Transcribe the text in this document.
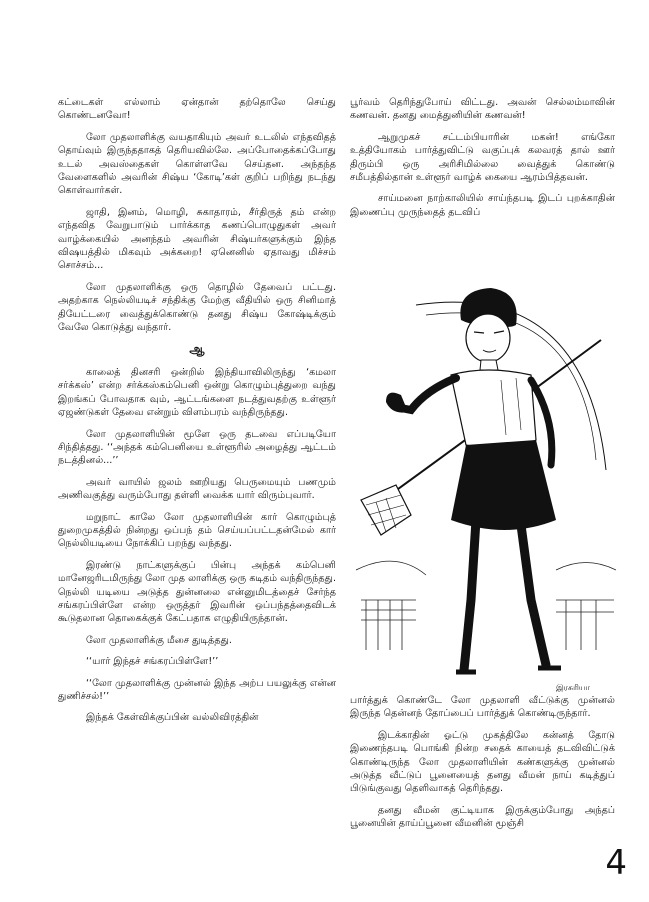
கட்டைகள் எல்லாம் ஏன்தான் தற்தொலே செய்து கொண்டனவோ!

லோ முதலாளிக்கு வயதாகியும் அவர் உடலில் எந்தவிதத் தொய்வும் இருந்ததாகத் தெரியவில்லே. அப்போதைக்கப்போது உடல் அவஸ்தைகள் கொள்ளவே செய்தன. அந்தந்த வேளைகளில் அவரின் சிஷ்ய ‘கோடி’கள் குறிப் பறிந்து நடந்து கொள்வார்கள்.

ஜாதி, இனம், மொழி, சுகாதாரம், சீர்திருத் தம் என்ற எந்தவித வேறுபாடும் பார்க்காத கணப்பொழுதுகள் அவர் வாழ்க்கையில் அனந்தம் அவரின் சிஷ்யர்களுக்கும் இந்த விஷயத்தில் மிகவும் அக்கறை! ஏனெனில் ஏதாவது மிச்சம் சொச்சம்...

லோ முதலாளிக்கு ஒரு தொழில் தேவைப் பட்டது. அதற்காக நெல்லியடிச் சந்திக்கு மேற்கு வீதியில் ஒரு சினிமாத் தியேட்டரை வைத்துக்கொண்டு தனது சிஷ்ய கோஷ்டிக்கும் வேலே கொடுத்து வந்தார்.

ஆ

காலைத் தினசரி ஒன்றில் இந்தியாவிலிருந்து ‘கமலா சர்க்கஸ்’ என்ற சர்க்கஸ்கம்பெனி ஒன்று கொழும்புத்துறை வந்து இறங்கப் போவதாக வும், ஆட்டங்களை நடத்துவதற்கு உள்ளூர் ஏஜண்டுகள் தேவை என்றும் விளம்பரம் வந்திருந்தது.

லோ முதலாளியின் மூளே ஒரு தடவை எப்படியோ சிந்தித்தது. ‘‘அந்தக் கம்பெனியை உள்ளூரில் அழைத்து ஆட்டம் நடத்தினல்...’’

அவர் வாயில் ஜலம் ஊறியது பெருமையும் பணமும் அணிவகுத்து வரும்போது தள்ளி வைக்க யார் விரும்புவார்.

மறுநாட் காலே லோ முதலாளியின் கார் கொழும்புத் துறைமுகத்தில் நின்றது ஒப்பந் தம் செய்யப்பட்டதன்மேல் கார் நெல்லியடியை நோக்கிப் பறந்து வந்தது.

இரண்டு நாட்களுக்குப் பின்பு அந்தக் கம்பெனி மானேஜரிடமிருந்து லோ முத லாளிக்கு ஒரு கடிதம் வந்திருந்தது. நெல்லி யடியை அடுத்த துன்னலை என்னுமிடத்தைச் சேர்ந்த சங்கரப்பிள்ளே என்ற ஒருத்தர் இவரின் ஒப்பந்தத்தைவிடக் கூடுதலான தொகைக்குக் கேட்பதாக எழுதியிருந்தான்.

லோ முதலாளிக்கு மீசை துடித்தது.

‘‘யார் இந்தச் சங்கரப்பிள்ளே!’’

‘‘லோ முதலாளிக்கு முன்னல் இந்த அற்ப பயலுக்கு என்ன துணிச்சல்!’’

இந்தக் கேள்விக்குப்பின் வல்லிவிரத்தின்

பூர்வம் தெரிந்துபோய் விட்டது. அவன் செல்லம்மாவின் கணவன். தனது மைத்துனியின் கணவன்!

ஆறுமுகச் சட்டம்பியாரின் மகன்! எங்கோ உத்தியோகம் பார்த்துவிட்டு வகுப்புக் கலவரத் தால் ஊர் திரும்பி ஒரு அரிசிமில்லை வைத்துக் கொண்டு சமீபத்தில்தான் உள்ளூர் வாழ்க் கையை ஆரம்பித்தவன்.

சாய்மனை நாற்காலியில் சாய்ந்தபடி இடப் புறக்காதின் இணைப்பு முருந்தைத் தடவிப்

இரசுரியா

பார்த்துக் கொண்டே லோ முதலாளி வீட்டுக்கு முன்னல் இருந்த தென்னந் தோப்பைப் பார்த்துக் கொண்டிருந்தார்.

இடக்காதின் ஓட்டு முகத்திலே கன்னத் தோடு இணைந்தபடி பொங்கி நின்ற சதைக் காயைத் தடவிவிட்டுக் கொண்டிருந்த லோ முதலாளியின் கண்களுக்கு முன்னல் அடுத்த வீட்டுப் பூனையைத் தனது வீமன் நாய் கடித்துப் பிடுங்குவது தெளிவாகத் தெரிந்தது.

தனது வீமன் குட்டியாக இருக்கும்போது அந்தப் பூனையின் தாய்ப்பூனை வீமனின் மூஞ்சி

4
